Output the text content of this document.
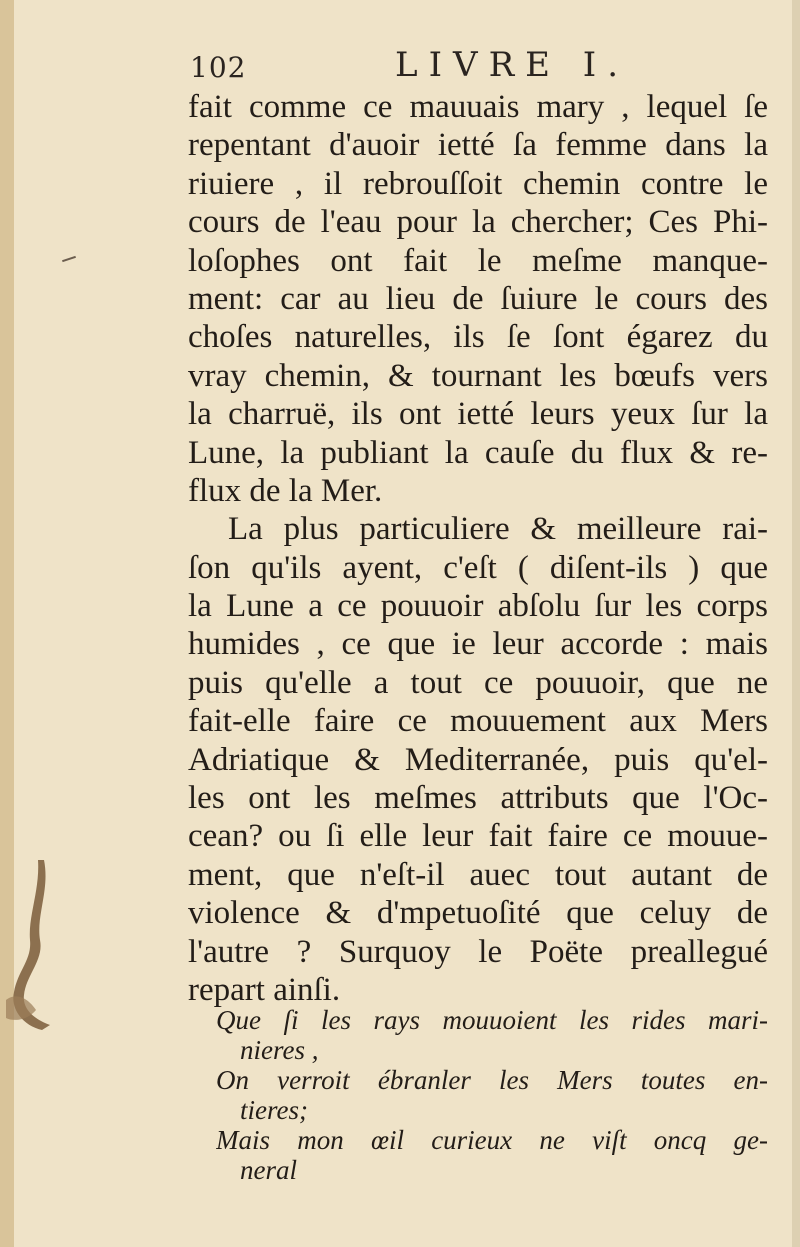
102	LIVRE I.
fait comme ce mauuais mary , lequel ſe
repentant d'auoir ietté ſa femme dans la
riuiere , il rebrouſſoit chemin contre le
cours de l'eau pour la chercher; Ces Phi-
loſophes ont fait le meſme manque-
ment: car au lieu de ſuiure le cours des
choſes naturelles, ils ſe ſont égarez du
vray chemin, & tournant les bœufs vers
la charruë, ils ont ietté leurs yeux ſur la
Lune, la publiant la cauſe du flux & re-
flux de la Mer.
La plus particuliere & meilleure rai-
ſon qu'ils ayent, c'eſt ( diſent-ils ) que
la Lune a ce pouuoir abſolu ſur les corps
humides , ce que ie leur accorde : mais
puis qu'elle a tout ce pouuoir, que ne
fait-elle faire ce mouuement aux Mers
Adriatique & Mediterranée, puis qu'el-
les ont les meſmes attributs que l'Oc-
cean? ou ſi elle leur fait faire ce mouue-
ment, que n'eſt-il auec tout autant de
violence & d'mpetuoſité que celuy de
l'autre ? Surquoy le Poëte preallegué
repart ainſi.
Que ſi les rays mouuoient les rides mari-
nieres ,
On verroit ébranler les Mers toutes en-
tieres;
Mais mon œil curieux ne viſt oncq ge-
neral
